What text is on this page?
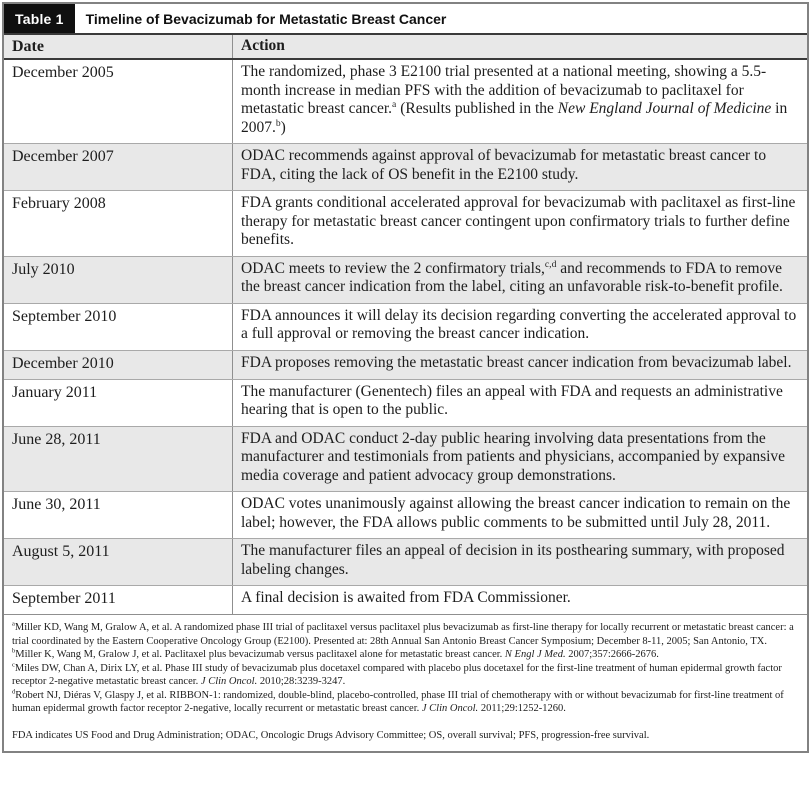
Table 1	Timeline of Bevacizumab for Metastatic Breast Cancer
Date	Action
December 2005	The randomized, phase 3 E2100 trial presented at a national meeting, showing a 5.5-month increase in median PFS with the addition of bevacizumab to paclitaxel for metastatic breast cancer.$^a$ (Results published in the New England Journal of Medicine in 2007.$^b$)
December 2007	ODAC recommends against approval of bevacizumab for metastatic breast cancer to FDA, citing the lack of OS benefit in the E2100 study.
February 2008	FDA grants conditional accelerated approval for bevacizumab with paclitaxel as first-line therapy for metastatic breast cancer contingent upon confirmatory trials to further define benefits.
July 2010	ODAC meets to review the 2 confirmatory trials,$^{c,d}$ and recommends to FDA to remove the breast cancer indication from the label, citing an unfavorable risk-to-benefit profile.
September 2010	FDA announces it will delay its decision regarding converting the accelerated approval to a full approval or removing the breast cancer indication.
December 2010	FDA proposes removing the metastatic breast cancer indication from bevacizumab label.
January 2011	The manufacturer (Genentech) files an appeal with FDA and requests an administrative hearing that is open to the public.
June 28, 2011	FDA and ODAC conduct 2-day public hearing involving data presentations from the manufacturer and testimonials from patients and physicians, accompanied by expansive media coverage and patient advocacy group demonstrations.
June 30, 2011	ODAC votes unanimously against allowing the breast cancer indication to remain on the label; however, the FDA allows public comments to be submitted until July 28, 2011.
August 5, 2011	The manufacturer files an appeal of decision in its posthearing summary, with proposed labeling changes.
September 2011	A final decision is awaited from FDA Commissioner.

$^a$Miller KD, Wang M, Gralow A, et al. A randomized phase III trial of paclitaxel versus paclitaxel plus bevacizumab as first-line therapy for locally recurrent or metastatic breast cancer: a trial coordinated by the Eastern Cooperative Oncology Group (E2100). Presented at: 28th Annual San Antonio Breast Cancer Symposium; December 8-11, 2005; San Antonio, TX.

$^b$Miller K, Wang M, Gralow J, et al. Paclitaxel plus bevacizumab versus paclitaxel alone for metastatic breast cancer. N Engl J Med. 2007;357:2666-2676.

$^c$Miles DW, Chan A, Dirix LY, et al. Phase III study of bevacizumab plus docetaxel compared with placebo plus docetaxel for the first-line treatment of human epidermal growth factor receptor 2-negative metastatic breast cancer. J Clin Oncol. 2010;28:3239-3247.

$^d$Robert NJ, Diéras V, Glaspy J, et al. RIBBON-1: randomized, double-blind, placebo-controlled, phase III trial of chemotherapy with or without bevacizumab for first-line treatment of human epidermal growth factor receptor 2-negative, locally recurrent or metastatic breast cancer. J Clin Oncol. 2011;29:1252-1260.

FDA indicates US Food and Drug Administration; ODAC, Oncologic Drugs Advisory Committee; OS, overall survival; PFS, progression-free survival.
